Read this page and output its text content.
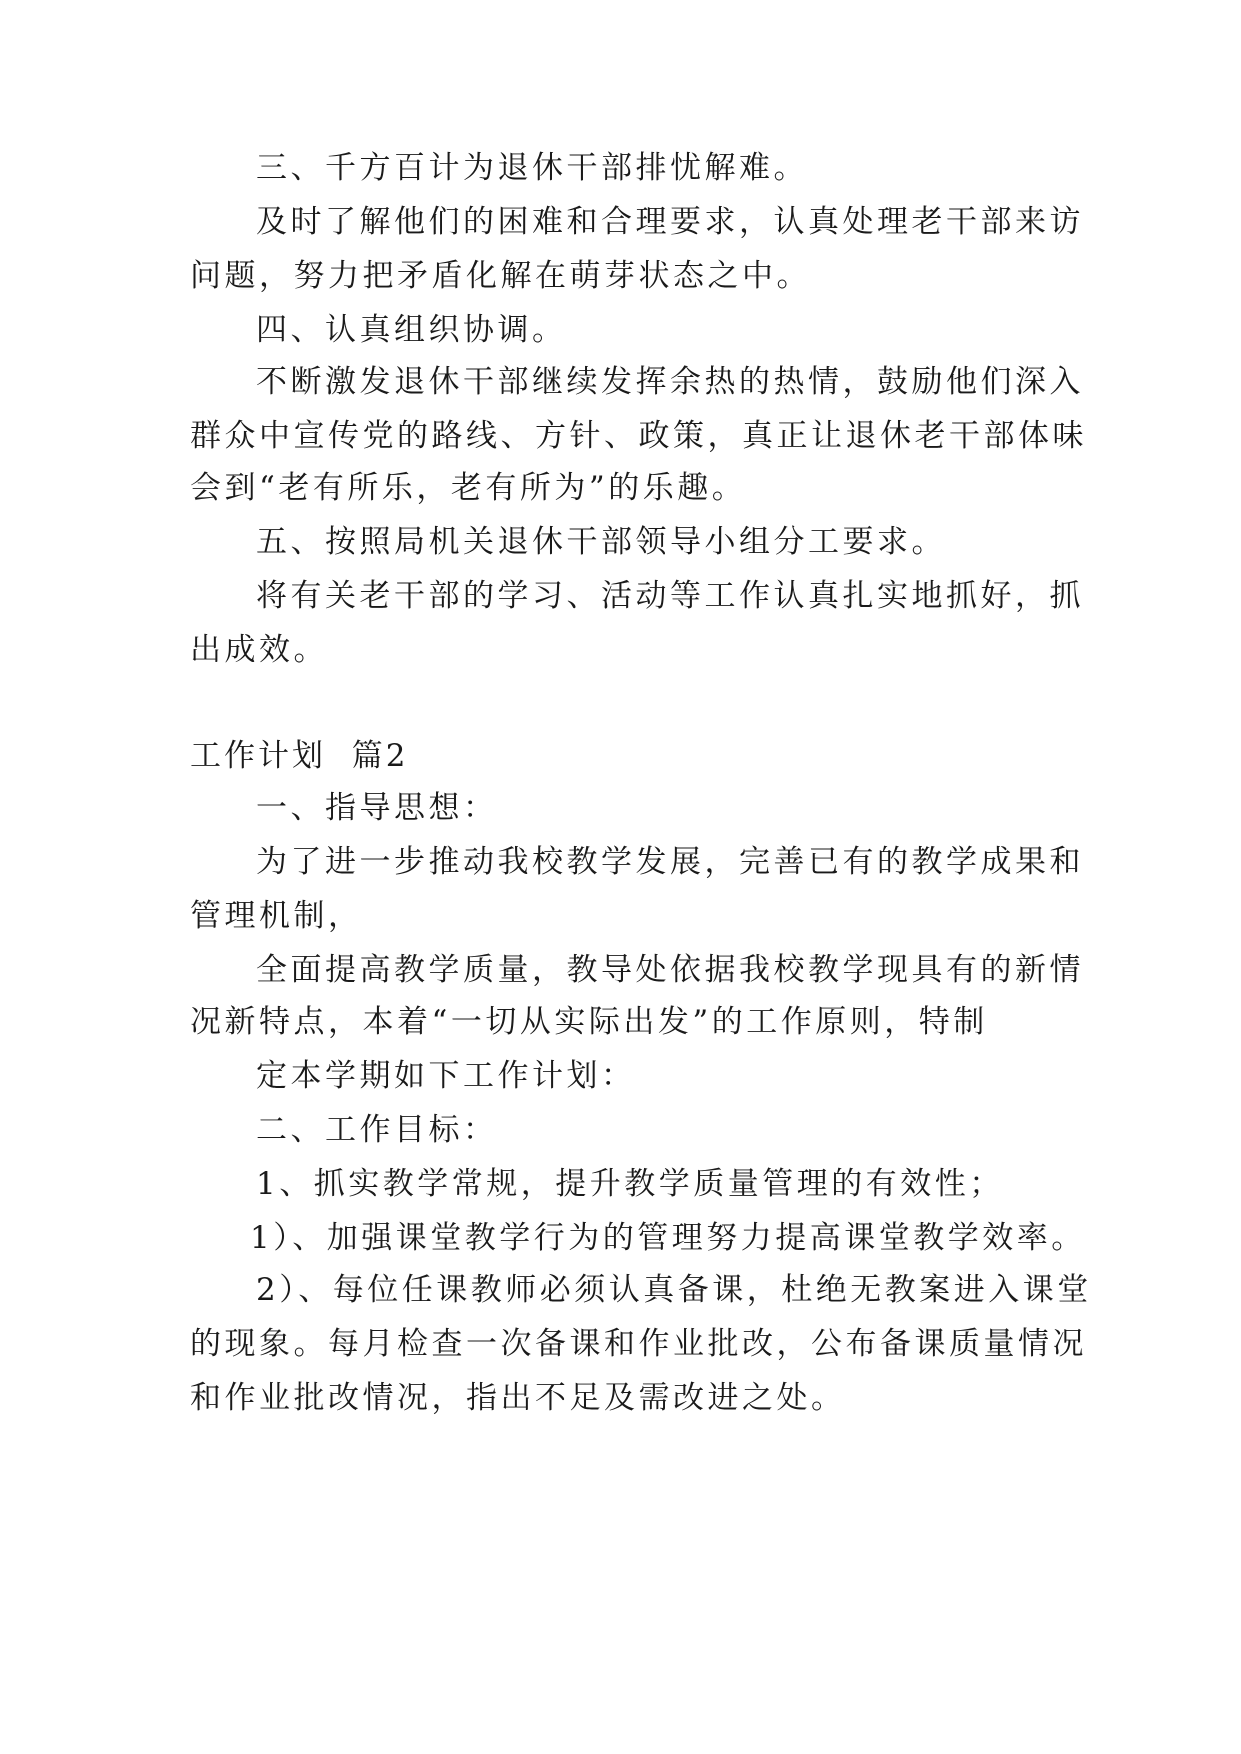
三、千方百计为退休干部排忧解难。
及时了解他们的困难和合理要求，认真处理老干部来访
问题，努力把矛盾化解在萌芽状态之中。
四、认真组织协调。
不断激发退休干部继续发挥余热的热情，鼓励他们深入
群众中宣传党的路线、方针、政策，真正让退休老干部体味
会到“老有所乐，老有所为”的乐趣。
五、按照局机关退休干部领导小组分工要求。
将有关老干部的学习、活动等工作认真扎实地抓好，抓
出成效。
工作计划  篇2
一、指导思想：
为了进一步推动我校教学发展，完善已有的教学成果和
管理机制，
全面提高教学质量，教导处依据我校教学现具有的新情
况新特点，本着“一切从实际出发”的工作原则，特制
定本学期如下工作计划：
二、工作目标：
1、抓实教学常规，提升教学质量管理的有效性；
1）、加强课堂教学行为的管理努力提高课堂教学效率。
2）、每位任课教师必须认真备课，杜绝无教案进入课堂
的现象。每月检查一次备课和作业批改，公布备课质量情况
和作业批改情况，指出不足及需改进之处。
